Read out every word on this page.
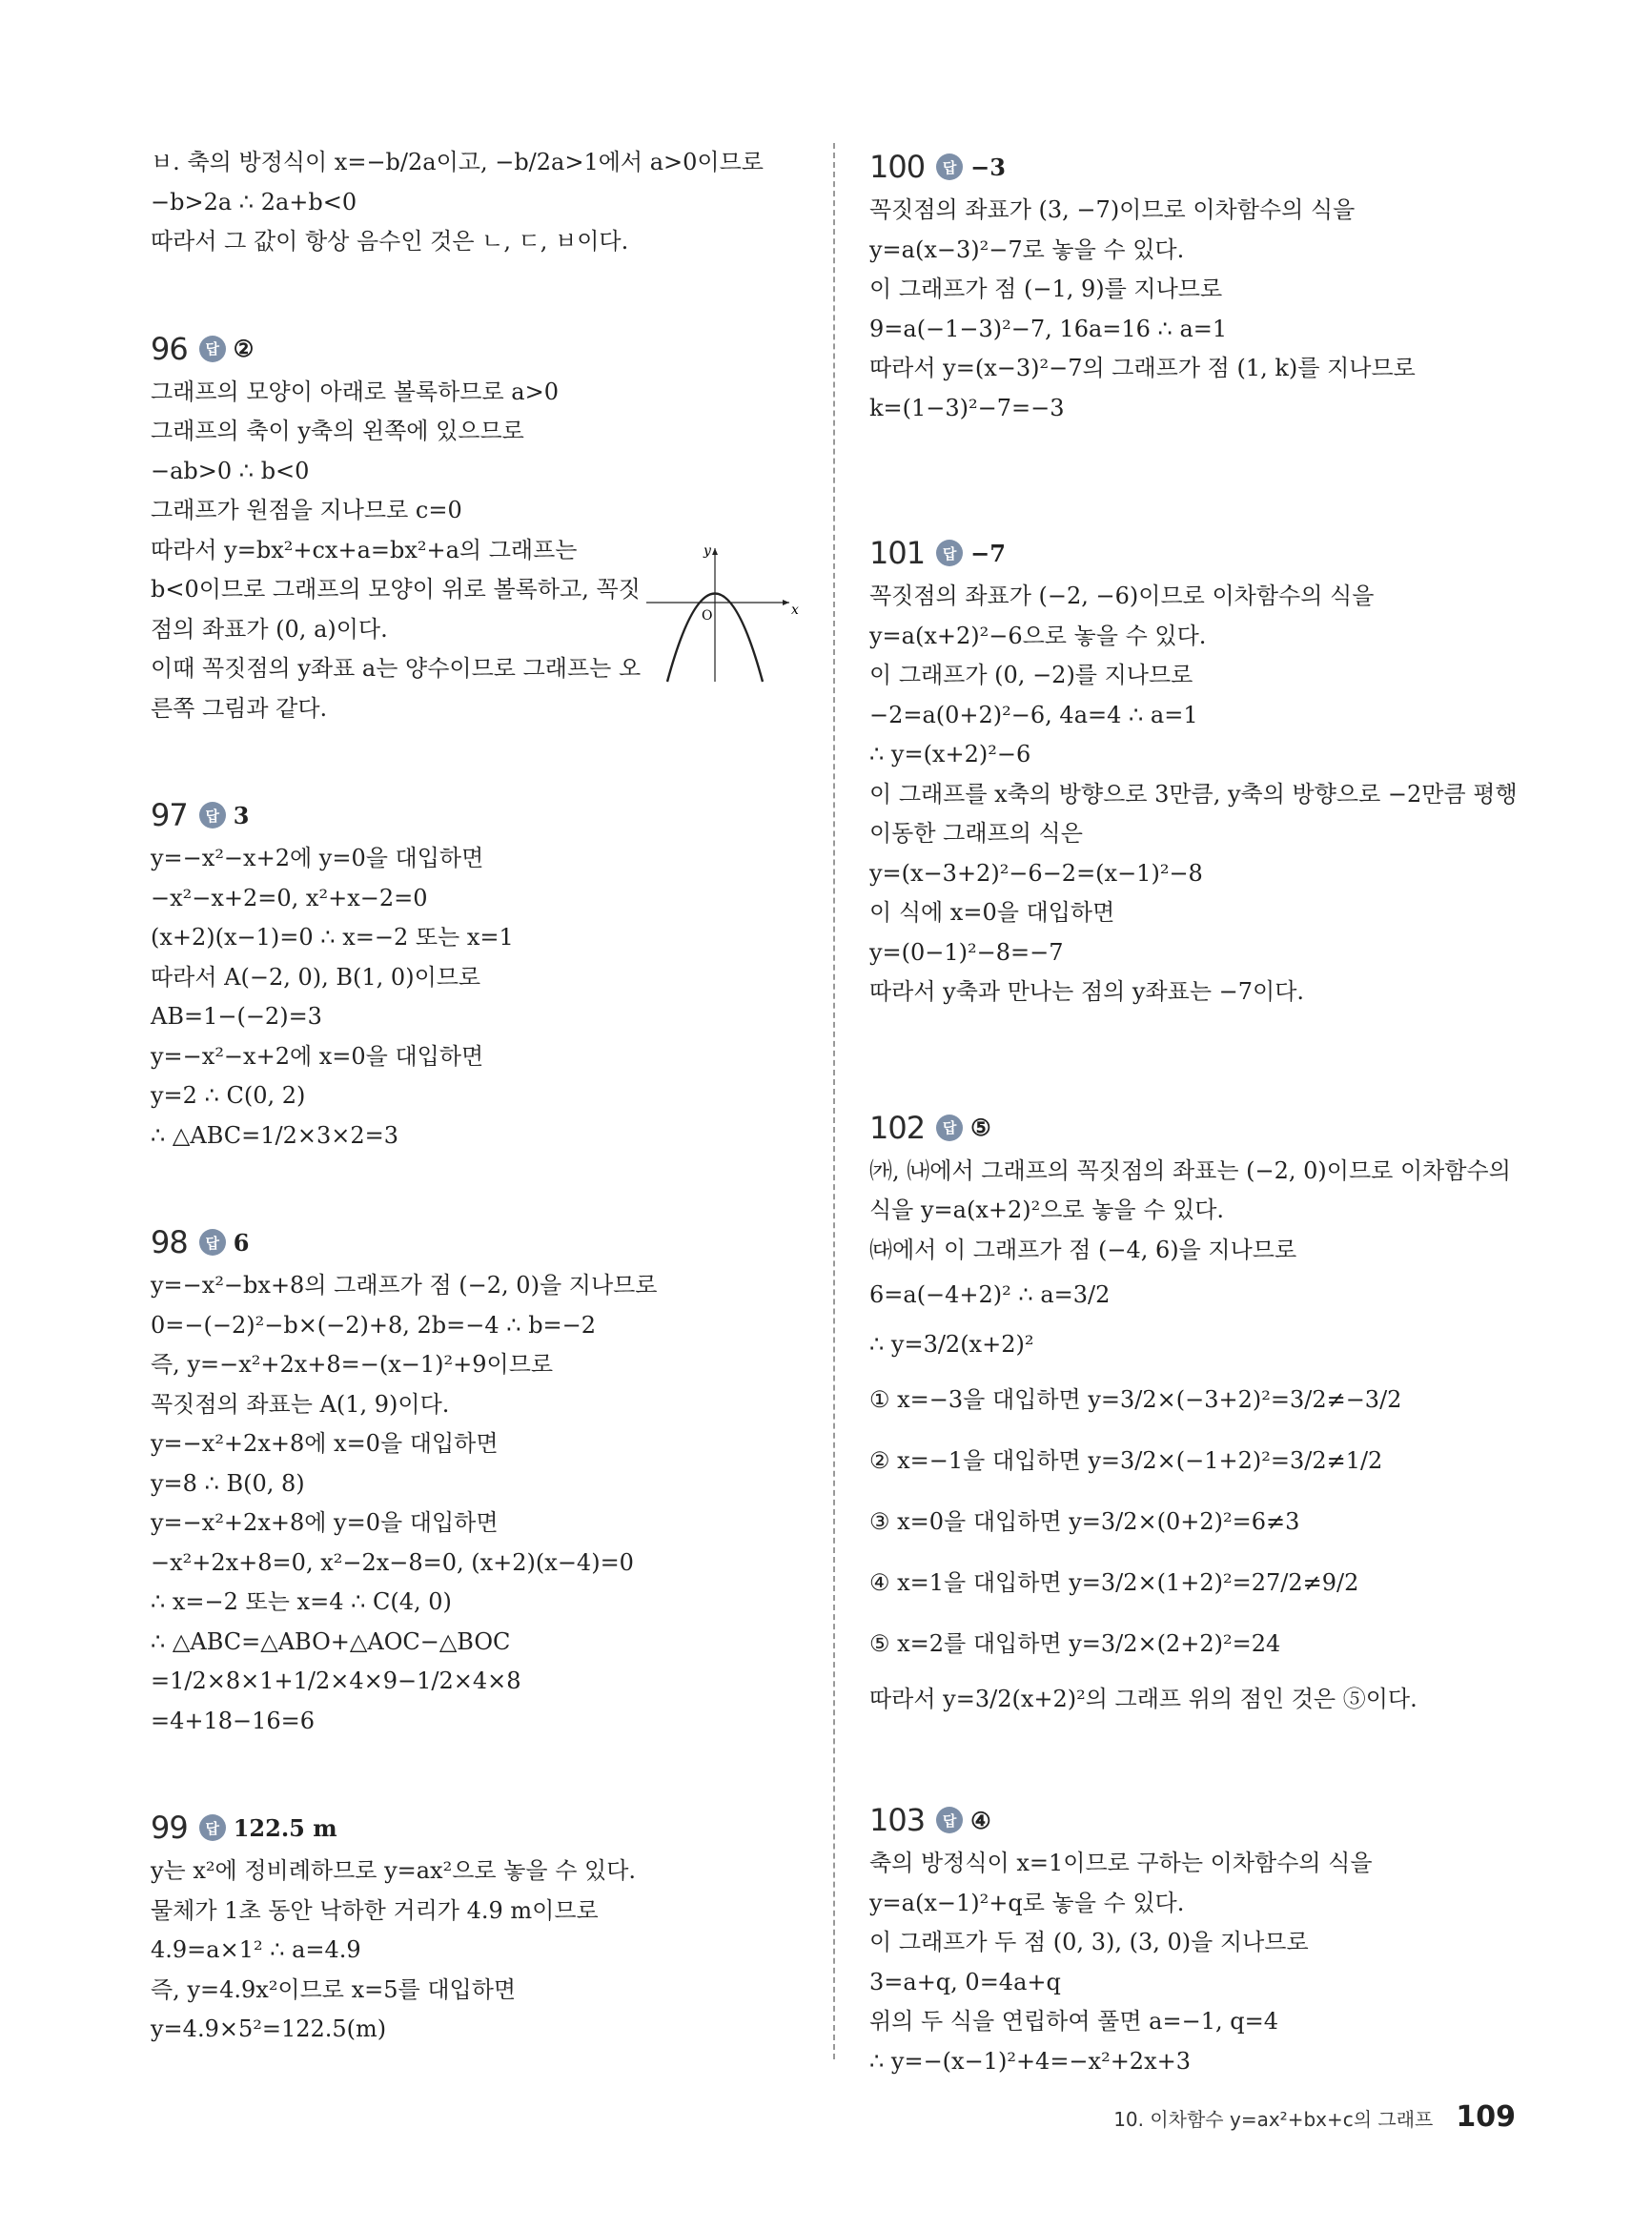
ㅂ. 축의 방정식이 x=−b/2a이고, −b/2a>1에서 a>0이므로
−b>2a ∴ 2a+b<0
따라서 그 값이 항상 음수인 것은 ㄴ, ㄷ, ㅂ이다.
96	답 ②
그래프의 모양이 아래로 볼록하므로 a>0
그래프의 축이 y축의 왼쪽에 있으므로
−ab>0 ∴ b<0
그래프가 원점을 지나므로 c=0
따라서 y=bx²+cx+a=bx²+a의 그래프는
b<0이므로 그래프의 모양이 위로 볼록하고, 꼭짓
점의 좌표가 (0, a)이다.
이때 꼭짓점의 y좌표 a는 양수이므로 그래프는 오
른쪽 그림과 같다.
97	답 3
y=−x²−x+2에 y=0을 대입하면
−x²−x+2=0, x²+x−2=0
(x+2)(x−1)=0 ∴ x=−2 또는 x=1
따라서 A(−2, 0), B(1, 0)이므로
AB=1−(−2)=3
y=−x²−x+2에 x=0을 대입하면
y=2 ∴ C(0, 2)
∴ △ABC=1/2×3×2=3
98	답 6
y=−x²−bx+8의 그래프가 점 (−2, 0)을 지나므로
0=−(−2)²−b×(−2)+8, 2b=−4 ∴ b=−2
즉, y=−x²+2x+8=−(x−1)²+9이므로
꼭짓점의 좌표는 A(1, 9)이다.
y=−x²+2x+8에 x=0을 대입하면
y=8 ∴ B(0, 8)
y=−x²+2x+8에 y=0을 대입하면
−x²+2x+8=0, x²−2x−8=0, (x+2)(x−4)=0
∴ x=−2 또는 x=4 ∴ C(4, 0)
∴ △ABC=△ABO+△AOC−△BOC
=1/2×8×1+1/2×4×9−1/2×4×8
=4+18−16=6
99	답 122.5 m
y는 x²에 정비례하므로 y=ax²으로 놓을 수 있다.
물체가 1초 동안 낙하한 거리가 4.9 m이므로
4.9=a×1² ∴ a=4.9
즉, y=4.9x²이므로 x=5를 대입하면
y=4.9×5²=122.5(m)
y
x
O
100	답 −3
꼭짓점의 좌표가 (3, −7)이므로 이차함수의 식을
y=a(x−3)²−7로 놓을 수 있다.
이 그래프가 점 (−1, 9)를 지나므로
9=a(−1−3)²−7, 16a=16 ∴ a=1
따라서 y=(x−3)²−7의 그래프가 점 (1, k)를 지나므로
k=(1−3)²−7=−3
101	답 −7
꼭짓점의 좌표가 (−2, −6)이므로 이차함수의 식을
y=a(x+2)²−6으로 놓을 수 있다.
이 그래프가 (0, −2)를 지나므로
−2=a(0+2)²−6, 4a=4 ∴ a=1
∴ y=(x+2)²−6
이 그래프를 x축의 방향으로 3만큼, y축의 방향으로 −2만큼 평행
이동한 그래프의 식은
y=(x−3+2)²−6−2=(x−1)²−8
이 식에 x=0을 대입하면
y=(0−1)²−8=−7
따라서 y축과 만나는 점의 y좌표는 −7이다.
102	답 ⑤
㈎, ㈏에서 그래프의 꼭짓점의 좌표는 (−2, 0)이므로 이차함수의
식을 y=a(x+2)²으로 놓을 수 있다.
㈐에서 이 그래프가 점 (−4, 6)을 지나므로
6=a(−4+2)² ∴ a=3/2
∴ y=3/2(x+2)²
① x=−3을 대입하면 y=3/2×(−3+2)²=3/2≠−3/2
② x=−1을 대입하면 y=3/2×(−1+2)²=3/2≠1/2
③ x=0을 대입하면 y=3/2×(0+2)²=6≠3
④ x=1을 대입하면 y=3/2×(1+2)²=27/2≠9/2
⑤ x=2를 대입하면 y=3/2×(2+2)²=24
따라서 y=3/2(x+2)²의 그래프 위의 점인 것은 ⑤이다.
103	답 ④
축의 방정식이 x=1이므로 구하는 이차함수의 식을
y=a(x−1)²+q로 놓을 수 있다.
이 그래프가 두 점 (0, 3), (3, 0)을 지나므로
3=a+q, 0=4a+q
위의 두 식을 연립하여 풀면 a=−1, q=4
∴ y=−(x−1)²+4=−x²+2x+3
10. 이차함수 y=ax²+bx+c의 그래프 109
